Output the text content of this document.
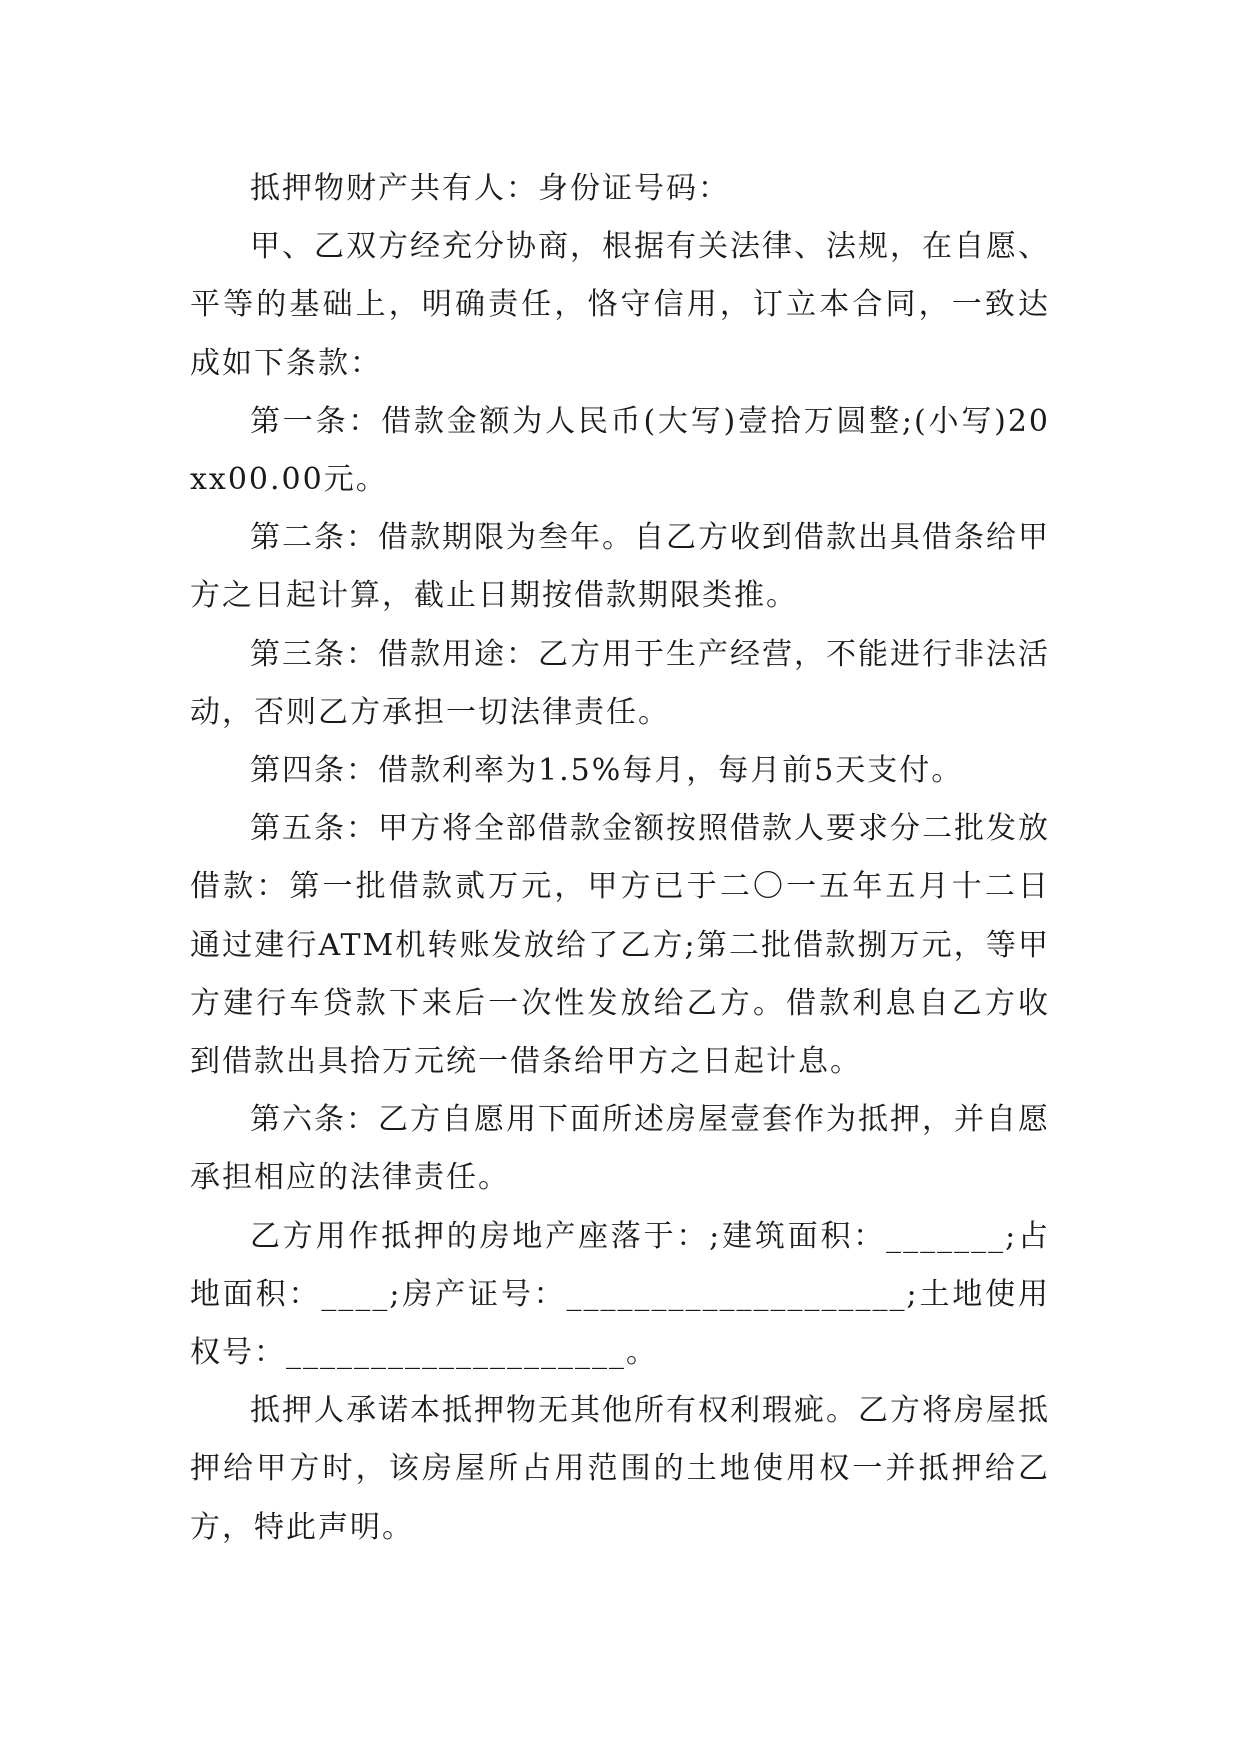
抵押物财产共有人：身份证号码：

甲、乙双方经充分协商，根据有关法律、法规，在自愿、平等的基础上，明确责任，恪守信用，订立本合同，一致达成如下条款：

第一条：借款金额为人民币(大写)壹拾万圆整;(小写)20xx00.00元。

第二条：借款期限为叁年。自乙方收到借款出具借条给甲方之日起计算，截止日期按借款期限类推。

第三条：借款用途：乙方用于生产经营，不能进行非法活动，否则乙方承担一切法律责任。

第四条：借款利率为1.5%每月，每月前5天支付。

第五条：甲方将全部借款金额按照借款人要求分二批发放借款：第一批借款贰万元，甲方已于二〇一五年五月十二日通过建行ATM机转账发放给了乙方;第二批借款捌万元，等甲方建行车贷款下来后一次性发放给乙方。借款利息自乙方收到借款出具拾万元统一借条给甲方之日起计息。

第六条：乙方自愿用下面所述房屋壹套作为抵押，并自愿承担相应的法律责任。

乙方用作抵押的房地产座落于：;建筑面积：_______;占地面积：____;房产证号：____________________;土地使用权号：____________________。

抵押人承诺本抵押物无其他所有权利瑕疵。乙方将房屋抵押给甲方时，该房屋所占用范围的土地使用权一并抵押给乙方，特此声明。
